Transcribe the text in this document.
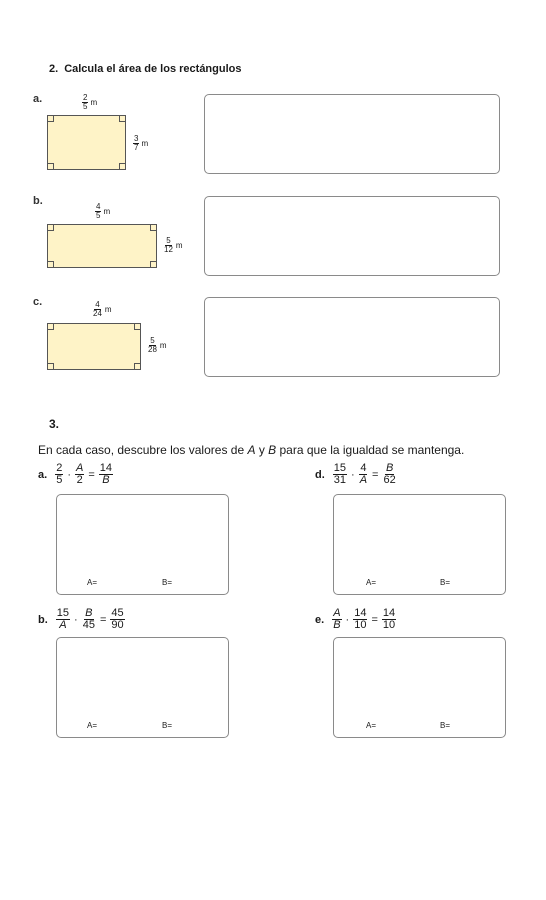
2. Calcula el área de los rectángulos
a.	$\frac{2}{5}$ m
$\frac{3}{7}$ m
b.
$\frac{4}{5}$ m
$\frac{5}{12}$ m
c.	$\frac{4}{24}$ m
$\frac{5}{28}$ m
3.
En cada caso, descubre los valores de A y B para que la igualdad se mantenga.
a. $\frac{2}{5} \cdot \frac{A}{2} = \frac{14}{B}$
A=	B=
d. $\frac{15}{31} \cdot \frac{4}{A} = \frac{B}{62}$
A=	B=
b. $\frac{15}{A} \cdot \frac{B}{45} = \frac{45}{90}$
A=	B=
e. $\frac{A}{B} \cdot \frac{14}{10} = \frac{14}{10}$
A=	B=
